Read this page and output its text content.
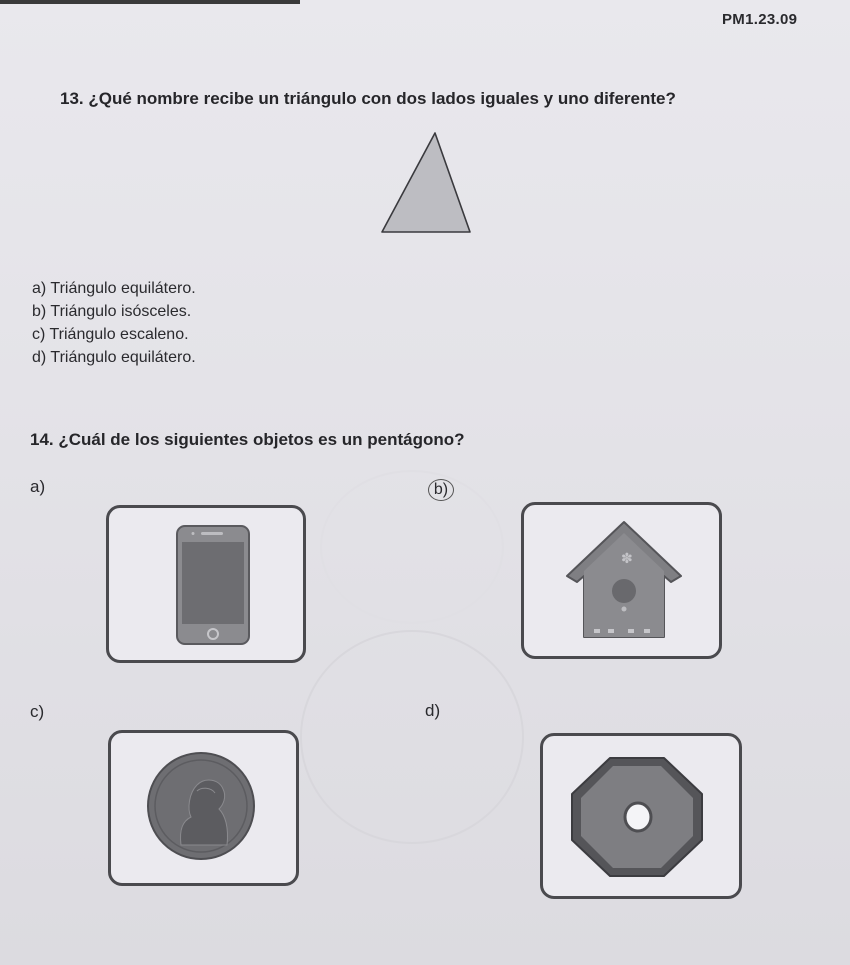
PM1.23.09
13. ¿Qué nombre recibe un triángulo con dos lados iguales y uno diferente?
a) Triángulo equilátero.
b) Triángulo isósceles.
c) Triángulo escaleno.
d) Triángulo equilátero.
14. ¿Cuál de los siguientes objetos es un pentágono?
a)	b)
c)	d)
✽
